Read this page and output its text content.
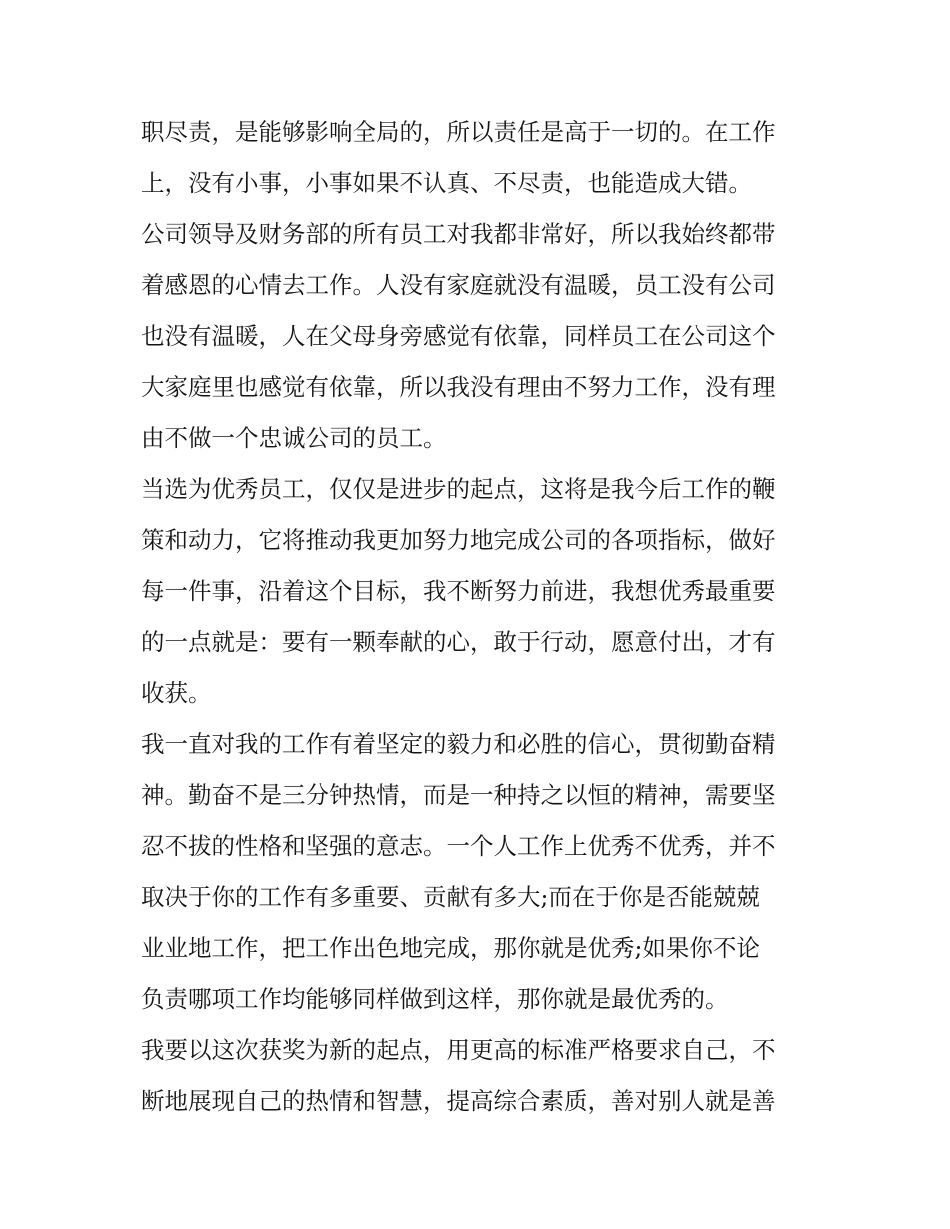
职尽责，是能够影响全局的，所以责任是高于一切的。在工作
上，没有小事，小事如果不认真、不尽责，也能造成大错。
公司领导及财务部的所有员工对我都非常好，所以我始终都带
着感恩的心情去工作。人没有家庭就没有温暖，员工没有公司
也没有温暖，人在父母身旁感觉有依靠，同样员工在公司这个
大家庭里也感觉有依靠，所以我没有理由不努力工作，没有理
由不做一个忠诚公司的员工。
当选为优秀员工，仅仅是进步的起点，这将是我今后工作的鞭
策和动力，它将推动我更加努力地完成公司的各项指标，做好
每一件事，沿着这个目标，我不断努力前进，我想优秀最重要
的一点就是：要有一颗奉献的心，敢于行动，愿意付出，才有
收获。
我一直对我的工作有着坚定的毅力和必胜的信心，贯彻勤奋精
神。勤奋不是三分钟热情，而是一种持之以恒的精神，需要坚
忍不拔的性格和坚强的意志。一个人工作上优秀不优秀，并不
取决于你的工作有多重要、贡献有多大;而在于你是否能兢兢
业业地工作，把工作出色地完成，那你就是优秀;如果你不论
负责哪项工作均能够同样做到这样，那你就是最优秀的。
我要以这次获奖为新的起点，用更高的标准严格要求自己，不
断地展现自己的热情和智慧，提高综合素质，善对别人就是善
